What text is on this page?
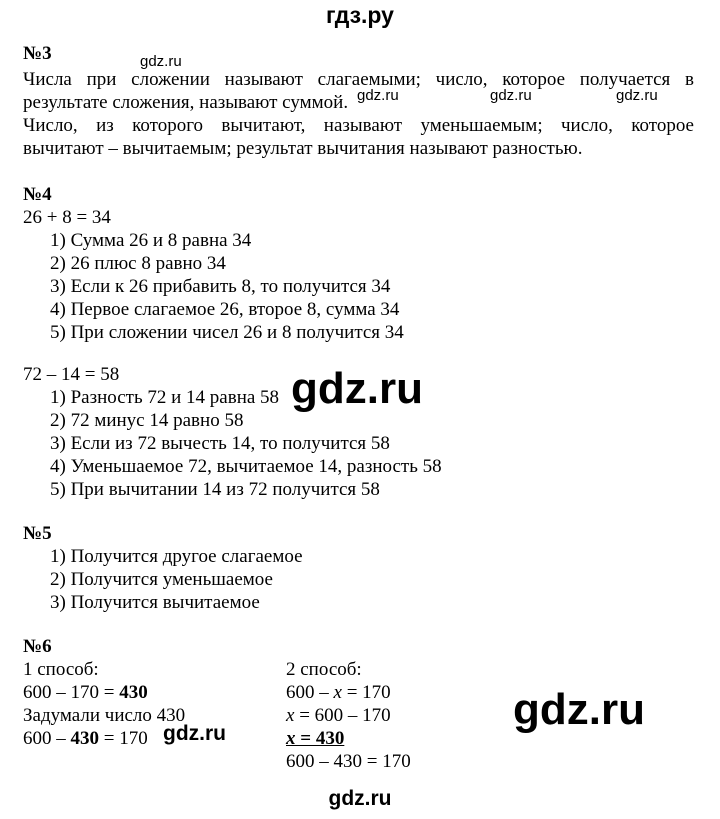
гдз.ру
№3
Числа при сложении называют слагаемыми; число, которое получается в
результате сложения, называют суммой.
Число, из которого вычитают, называют уменьшаемым; число, которое
вычитают – вычитаемым; результат вычитания называют разностью.
№4
26 + 8 = 34
1) Сумма 26 и 8 равна 34
2) 26 плюс 8 равно 34
3) Если к 26 прибавить 8, то получится 34
4) Первое слагаемое 26, второе 8, сумма 34
5) При сложении чисел 26 и 8 получится 34
72 – 14 = 58
1) Разность 72 и 14 равна 58
2) 72 минус 14 равно 58
3) Если из 72 вычесть 14, то получится 58
4) Уменьшаемое 72, вычитаемое 14, разность 58
5) При вычитании 14 из 72 получится 58
№5
1) Получится другое слагаемое
2) Получится уменьшаемое
3) Получится вычитаемое
№6
1 способ:
600 – 170 = 430
Задумали число 430
600 – 430 = 170
2 способ:
600 – x = 170
x = 600 – 170
x = 430
600 – 430 = 170
gdz.ru
gdz.ru	gdz.ru	gdz.ru
gdz.ru
gdz.ru
gdz.ru
gdz.ru
